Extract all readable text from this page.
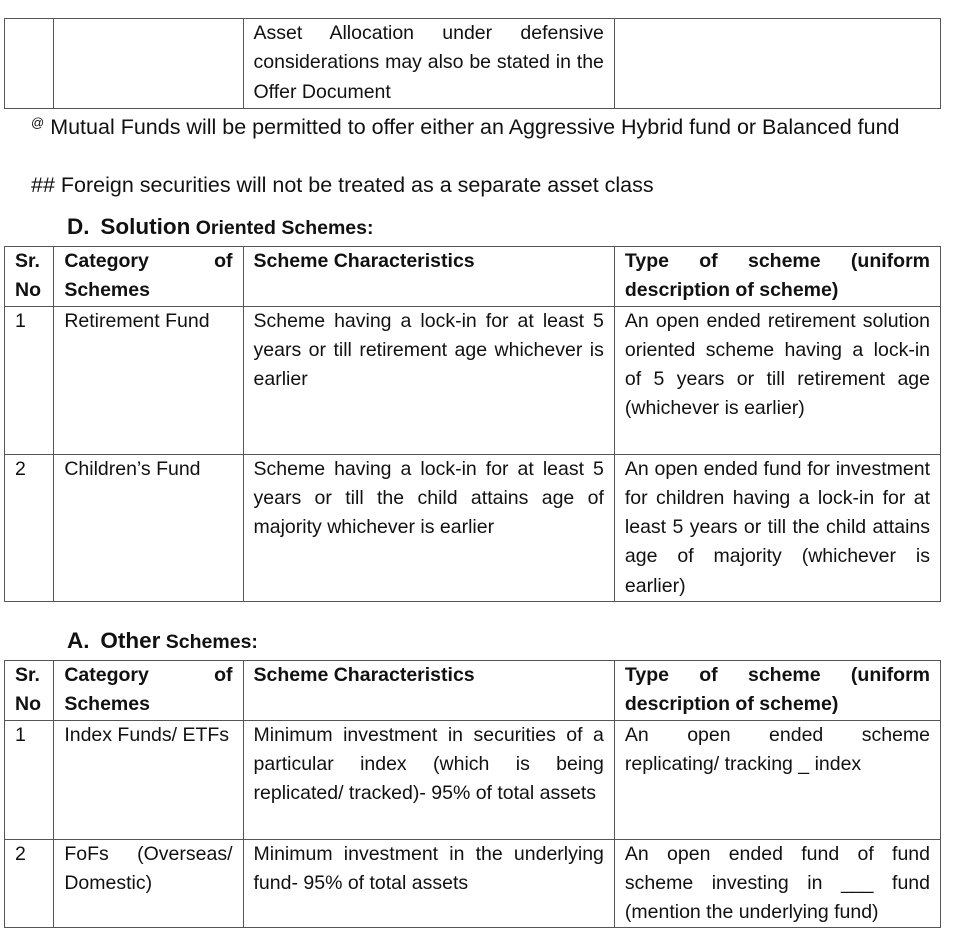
		Asset Allocation under defensive considerations may also be stated in the Offer Document	
@ Mutual Funds will be permitted to offer either an Aggressive Hybrid fund or Balanced fund
## Foreign securities will not be treated as a separate asset class
D. Solution Oriented Schemes:
Sr. No	Category of Schemes	Scheme Characteristics	Type of scheme (uniform description of scheme)
1	Retirement Fund	Scheme having a lock-in for at least 5 years or till retirement age whichever is earlier	An open ended retirement solution oriented scheme having a lock-in of 5 years or till retirement age (whichever is earlier)
2	Children’s Fund	Scheme having a lock-in for at least 5 years or till the child attains age of majority whichever is earlier	An open ended fund for investment for children having a lock-in for at least 5 years or till the child attains age of majority (whichever is earlier)
A. Other Schemes:
Sr. No	Category of Schemes	Scheme Characteristics	Type of scheme (uniform description of scheme)
1	Index Funds/ ETFs	Minimum investment in securities of a particular index (which is being replicated/ tracked)- 95% of total assets	An open ended scheme replicating/ tracking _ index
2	FoFs (Overseas/ Domestic)	Minimum investment in the underlying fund- 95% of total assets	An open ended fund of fund scheme investing in ___ fund (mention the underlying fund)
